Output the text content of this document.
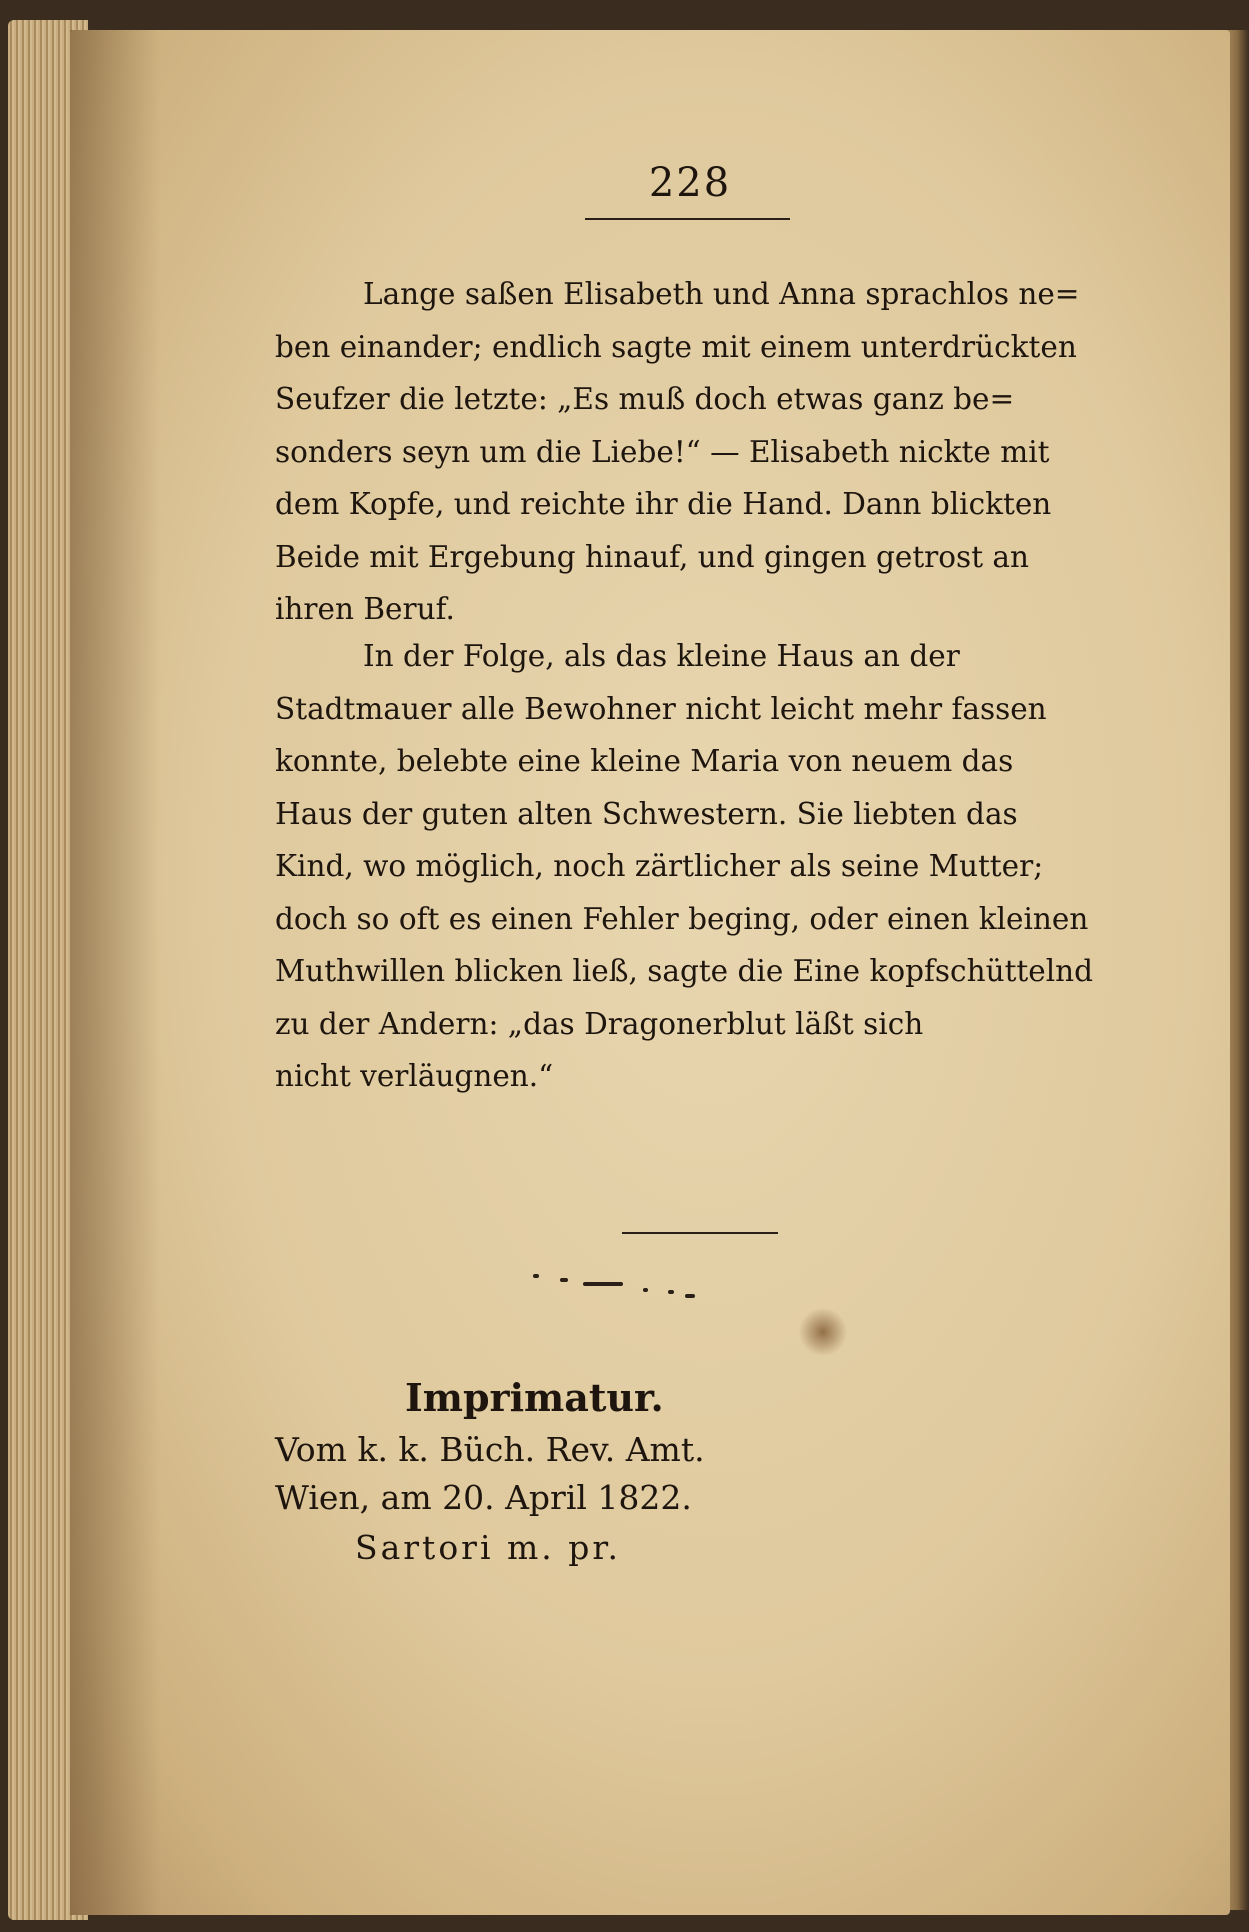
228

Lange saßen Elisabeth und Anna sprachlos ne=
ben einander; endlich sagte mit einem unterdrückten
Seufzer die letzte: „Es muß doch etwas ganz be=
sonders seyn um die Liebe!“ — Elisabeth nickte mit
dem Kopfe, und reichte ihr die Hand. Dann blickten
Beide mit Ergebung hinauf, und gingen getrost an
ihren Beruf.

In der Folge, als das kleine Haus an der
Stadtmauer alle Bewohner nicht leicht mehr fassen
konnte, belebte eine kleine Maria von neuem das
Haus der guten alten Schwestern. Sie liebten das
Kind, wo möglich, noch zärtlicher als seine Mutter;
doch so oft es einen Fehler beging, oder einen kleinen
Muthwillen blicken ließ, sagte die Eine kopfschüttelnd
zu der Andern: „das Dragonerblut läßt sich
nicht verläugnen.“

Imprimatur.
Vom k. k. Büch. Rev. Amt.
Wien, am 20. April 1822.
Sartori m. pr.
